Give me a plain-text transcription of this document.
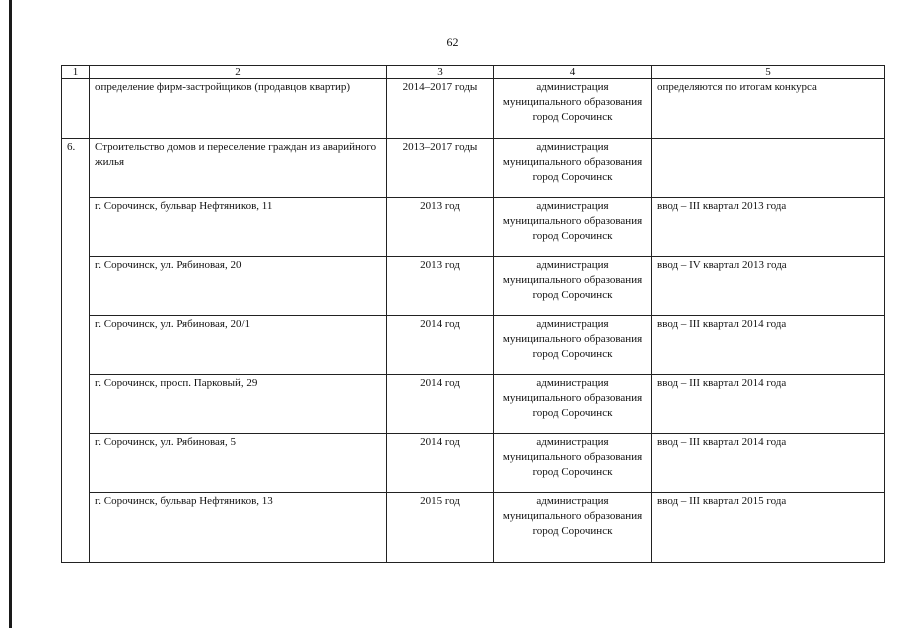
62
1	2	3	4	5
	определение фирм-застройщиков (продавцов квартир)	2014–2017 годы	администрация муниципального образования город Сорочинск	определяются по итогам конкурса
6.	Строительство домов и переселение граждан из аварийного жилья	2013–2017 годы	администрация муниципального образования город Сорочинск	
	г. Сорочинск, бульвар Нефтяников, 11	2013 год	администрация муниципального образования город Сорочинск	ввод – III квартал 2013 года
	г. Сорочинск, ул. Рябиновая, 20	2013 год	администрация муниципального образования город Сорочинск	ввод – IV квартал 2013 года
	г. Сорочинск, ул. Рябиновая, 20/1	2014 год	администрация муниципального образования город Сорочинск	ввод – III квартал 2014 года
	г. Сорочинск, просп. Парковый, 29	2014 год	администрация муниципального образования город Сорочинск	ввод – III квартал 2014 года
	г. Сорочинск, ул. Рябиновая, 5	2014 год	администрация муниципального образования город Сорочинск	ввод – III квартал 2014 года
	г. Сорочинск, бульвар Нефтяников, 13	2015 год	администрация муниципального образования город Сорочинск	ввод – III квартал 2015 года
